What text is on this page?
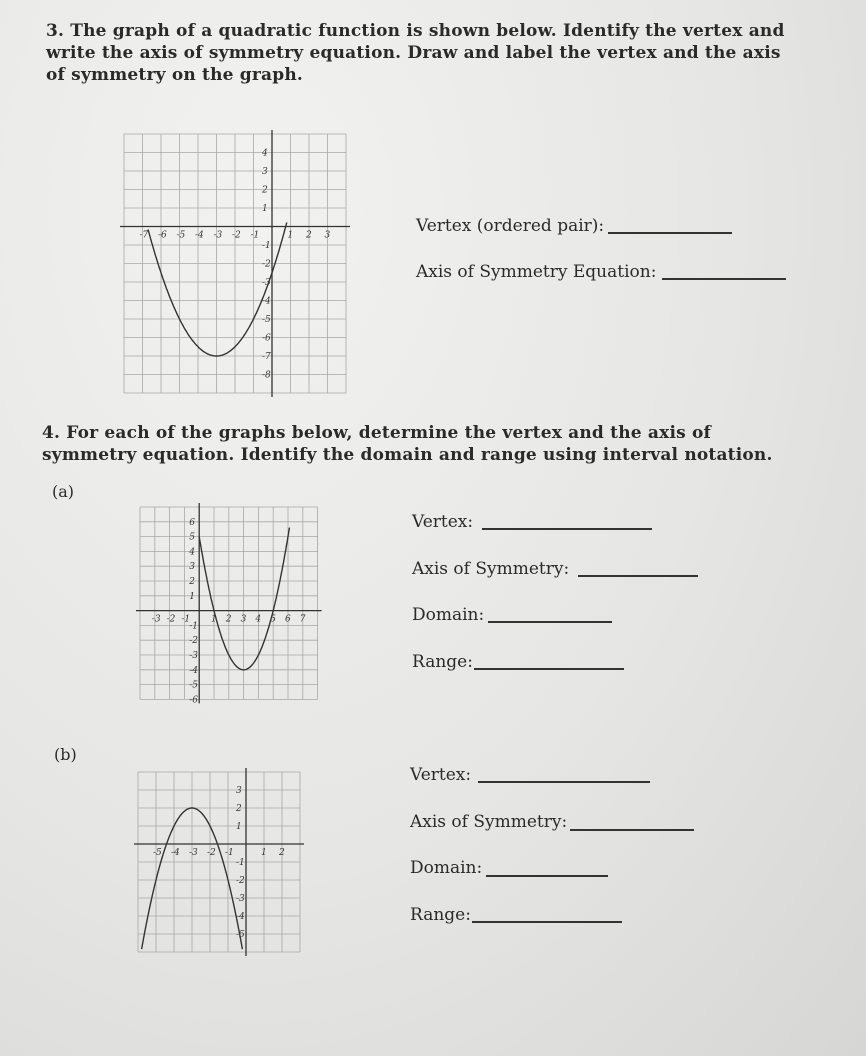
3. The graph of a quadratic function is shown below. Identify the vertex and write the axis of symmetry equation. Draw and label the vertex and the axis of symmetry on the graph.
-7 -6 -5 -4 -3 -2 -1	1 2 3
4
3
2
1
-1
-2
-3
-4
-5
-6
-7
-8
Vertex (ordered pair):
Axis of Symmetry Equation:
4. For each of the graphs below, determine the vertex and the axis of symmetry equation. Identify the domain and range using interval notation.
(a)
-3 -2 -1 1 2 3 4 5 6 7
6
5
4
3
2
1
-1
-2
-3
-4
-5
-6
Vertex:
Axis of Symmetry:
Domain:
Range:
(b)
-5 -4 -3 -2 -1	1 2
3
2
1
-1
-2
-3
-4
-5
Vertex:
Axis of Symmetry:
Domain:
Range:
